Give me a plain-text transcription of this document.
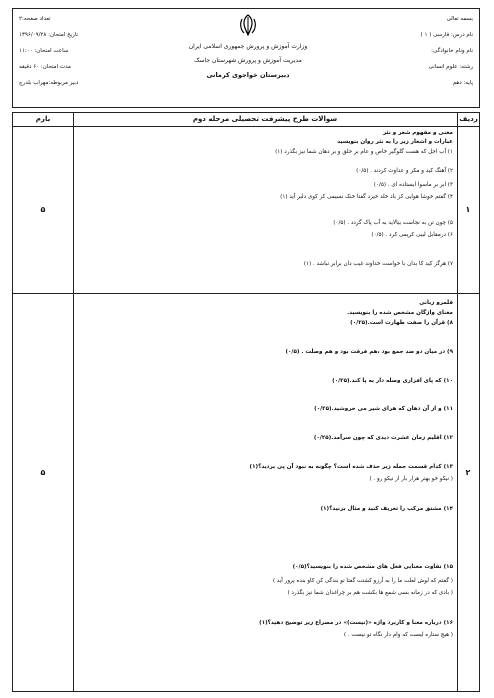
بسمه تعالی
نام درس: فارسی ( ۱ )
نام ونام خانوادگی:
رشته: علوم انسانی
پایه: دهم
وزارت آموزش و پرورش جمهوری اسلامی ایران
مدیریت آموزش و پرورش شهرستان جاسک
دبیرستان خواجوی کرمانی
تعداد صفحه:۲
تاریخ امتحان: ۱۳۹۶/۰۹/۲۸
ساعت امتحان: ۱۱:۰۰
مدت امتحان: ۶۰ دقیقه
دبیر مربوطه:مهراب بلدرچ
ردیف
سوالات طرح پیشرفت تحصیلی مرحله دوم
بارم
۱
۵
معنی و مفهوم شعر و نثر
عبارات و اشعار زیر را به نثر روان بنویسید
۱) آب اجل که هست گلوگیر خاص و عام بر حلق و بر دهان شما نیز بگذرد (۱)
۲) آهنگ کید و مکر و عداوت کردند . (۰/۵)
۳) ابر بر ماسوا ایستاده ای . (۰/۵)
۴) گفتم خوشا هوایی کز باد خلد خیزد گفتا خنک نسیمی کز کوی دلبر آید (۱)
۵) چون تن به نجاست بیالاید به آب پاک گردد . (۰/۵)
۶) درمقابل لیبی کریمی کرد . (۰/۵)
۷) هرگز کید کا بدان با خواست خداوند غیب دان برابر نباشد . (۱)
۲
۵
قلمرو زبانی
معنای واژگان مشخص شده را بنویسید.
۸) قرآن را صفت طهارت است.(۰/۲۵)
۹) در میان دو ضد جمع بود ،هم فرقت بود و هم وصلت . (۰/۵)
۱۰) که پای افزاری وصله دار به پا کند.(۰/۲۵)
۱۱) و از آن دهان که هرای شیر می خروشید.(۰/۲۵)
۱۲) اقلیم زمان عشرت دیدی که چون سرآمد.(۰/۲۵)
۱۳) کدام قسمت جمله زیر حذف شده است؟ چگونه به نبود آن پی بردید؟(۱)
( نیکو خو بهتر هزار بار از نیکو رو . )
۱۴) مشتق مرکب را تعریف کنید و مثال بزنید؟(۱)
۱۵) تفاوت معنایی فعل های مشخص شده را بنویسید؟(۰/۵)
( گفتم که لوش لعلت ما را به آرزو کشتت گفتا تو بندگی کن کاو بنده پرور آید )
( بادی که در زمانه بسی شمع ها بکشت هم بر چراغدان شما نیز بگذرد )
۱۶) درباره معنا و کاربرد واژه «(نیست)» در مصراع زیر توضیح دهید؟(۱)
( هیچ ستاره لیست که وام دار نگاه تو نیست . )
